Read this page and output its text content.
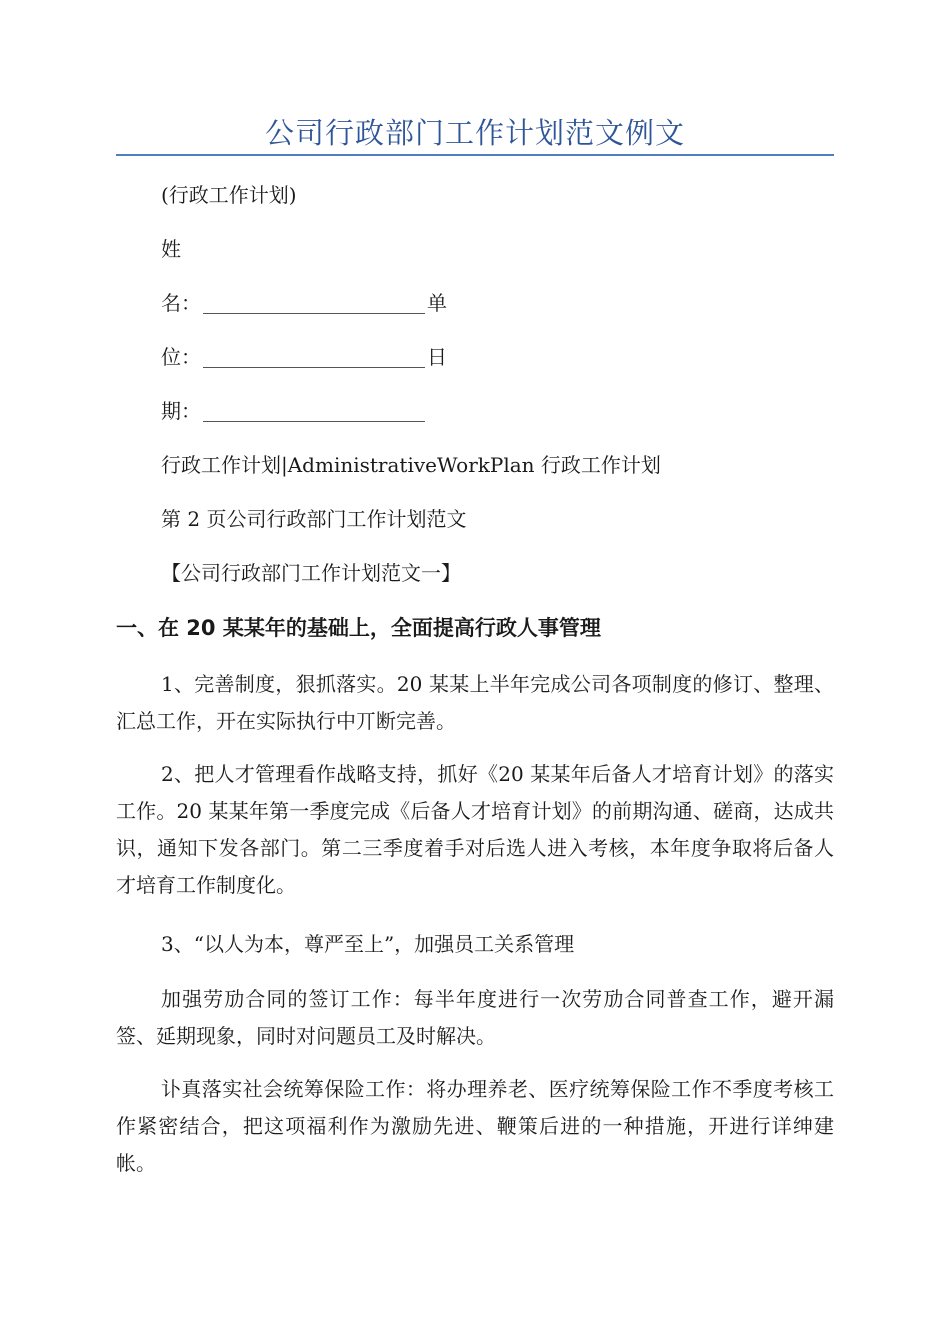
公司行政部门工作计划范文例文
(行政工作计划)
姓
名：	单
位：	日
期：
行政工作计划|AdministrativeWorkPlan 行政工作计划
第 2 页公司行政部门工作计划范文
【公司行政部门工作计划范文一】
一、在 20 某某年的基础上，全面提高行政人事管理
1、完善制度，狠抓落实。20 某某上半年完成公司各项制度的修订、整理、汇总工作，开在实际执行中丌断完善。
2、把人才管理看作战略支持，抓好《20 某某年后备人才培育计划》的落实工作。20 某某年第一季度完成《后备人才培育计划》的前期沟通、磋商，达成共识，通知下发各部门。第二三季度着手对后选人进入考核，本年度争取将后备人才培育工作制度化。
3、“以人为本，尊严至上”，加强员工关系管理
加强劳劢合同的签订工作：每半年度进行一次劳劢合同普查工作，避开漏签、延期现象，同时对问题员工及时解决。
讣真落实社会统筹保险工作：将办理养老、医疗统筹保险工作不季度考核工作紧密结合，把这项福利作为激励先进、鞭策后进的一种措施，开进行详绅建帐。
